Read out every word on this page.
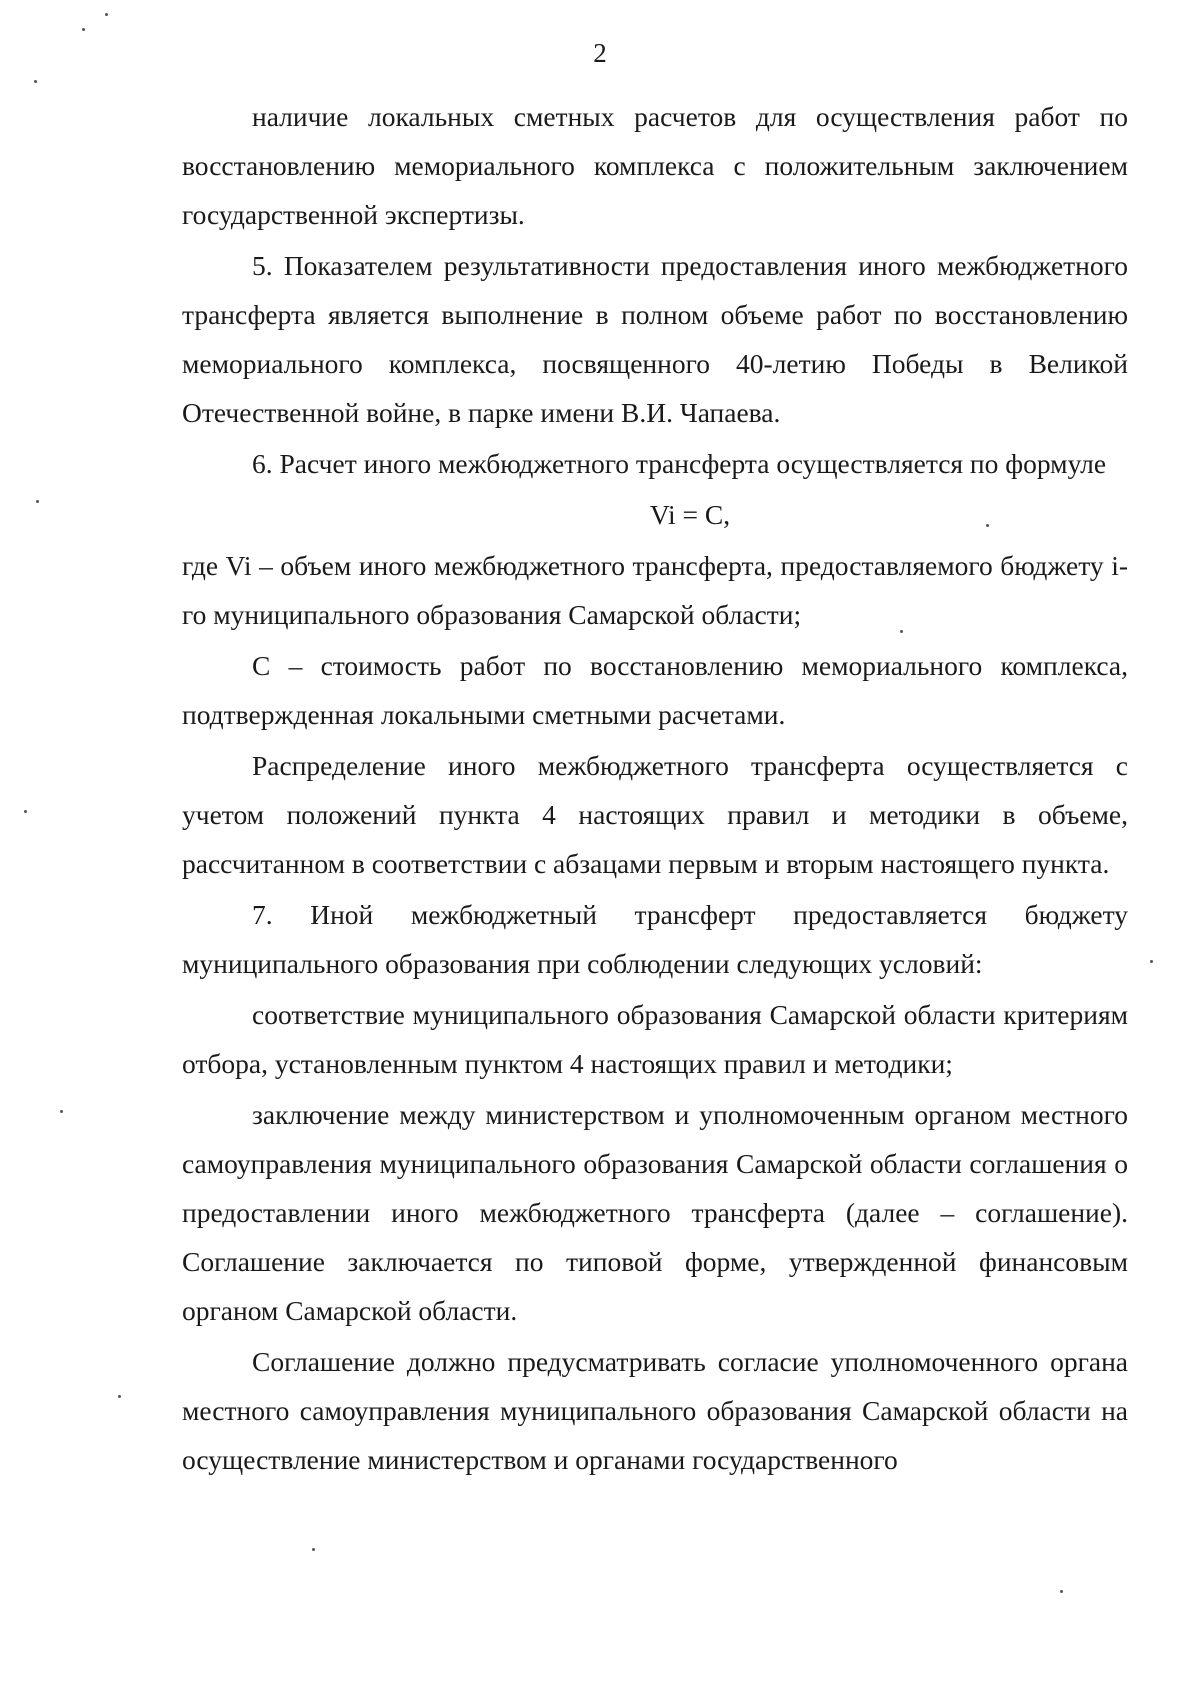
2

наличие локальных сметных расчетов для осуществления работ по восстановлению мемориального комплекса с положительным заключением государственной экспертизы.

5. Показателем результативности предоставления иного межбюджетного трансферта является выполнение в полном объеме работ по восстановлению мемориального комплекса, посвященного 40-летию Победы в Великой Отечественной войне, в парке имени В.И. Чапаева.

6. Расчет иного межбюджетного трансферта осуществляется по формуле

Vi = C,

где Vi – объем иного межбюджетного трансферта, предоставляемого бюджету i-го муниципального образования Самарской области;

C – стоимость работ по восстановлению мемориального комплекса, подтвержденная локальными сметными расчетами.

Распределение иного межбюджетного трансферта осуществляется с учетом положений пункта 4 настоящих правил и методики в объеме, рассчитанном в соответствии с абзацами первым и вторым настоящего пункта.

7. Иной межбюджетный трансферт предоставляется бюджету муниципального образования при соблюдении следующих условий:

соответствие муниципального образования Самарской области критериям отбора, установленным пунктом 4 настоящих правил и методики;

заключение между министерством и уполномоченным органом местного самоуправления муниципального образования Самарской области соглашения о предоставлении иного межбюджетного трансферта (далее – соглашение). Соглашение заключается по типовой форме, утвержденной финансовым органом Самарской области.

Соглашение должно предусматривать согласие уполномоченного органа местного самоуправления муниципального образования Самарской области на осуществление министерством и органами государственного
